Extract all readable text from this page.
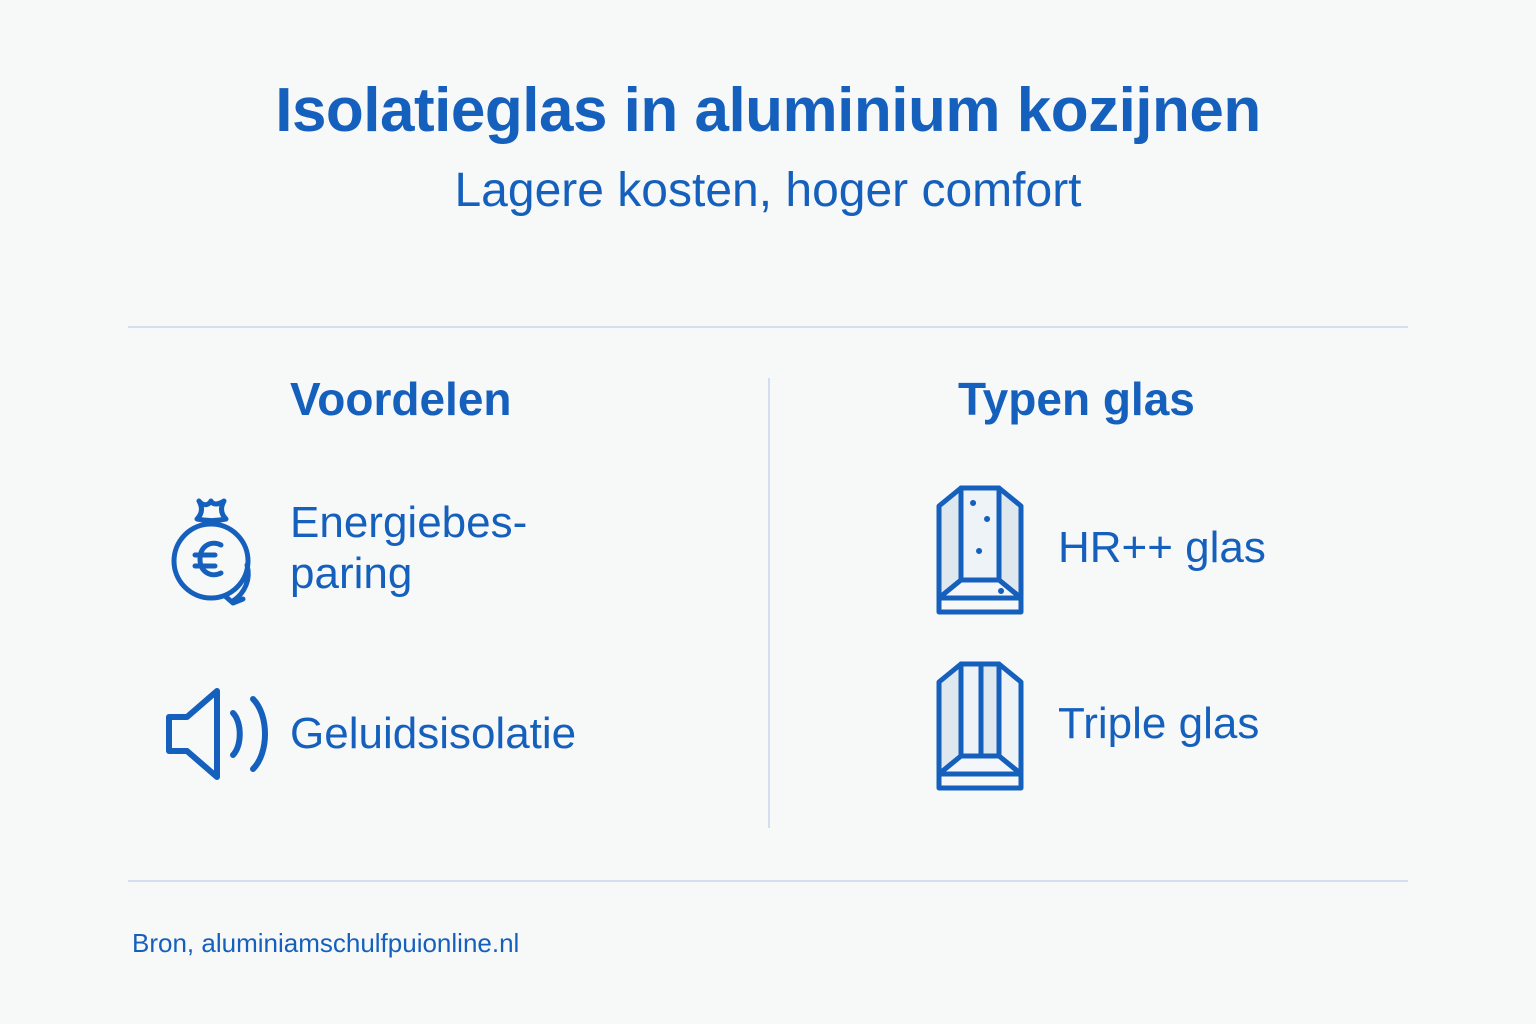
Isolatieglas in aluminium kozijnen
Lagere kosten, hoger comfort
Voordelen
Energiebes-
paring
Geluidsisolatie
Typen glas
HR++ glas
Triple glas
Bron, aluminiamschulfpuionline.nl
